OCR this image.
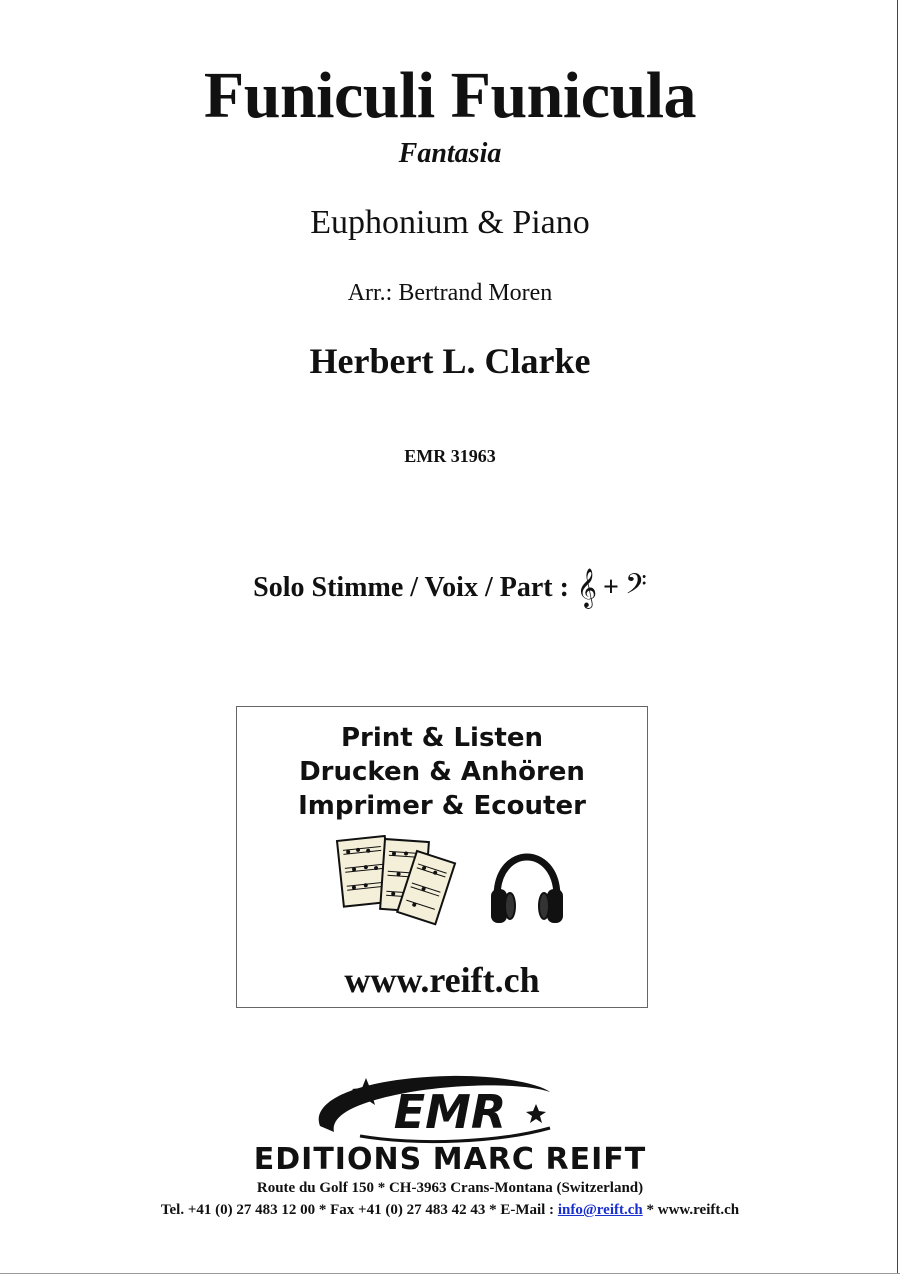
Funiculi Funicula
Fantasia
Euphonium & Piano
Arr.: Bertrand Moren
Herbert L. Clarke
EMR 31963
Solo Stimme / Voix / Part : 𝄞 + 𝄢
Print & Listen
Drucken & Anhören
Imprimer & Ecouter
www.reift.ch
EMR
EDITIONS MARC REIFT
Route du Golf 150 * CH-3963 Crans-Montana (Switzerland)
Tel. +41 (0) 27 483 12 00 * Fax +41 (0) 27 483 42 43 * E-Mail : info@reift.ch * www.reift.ch
